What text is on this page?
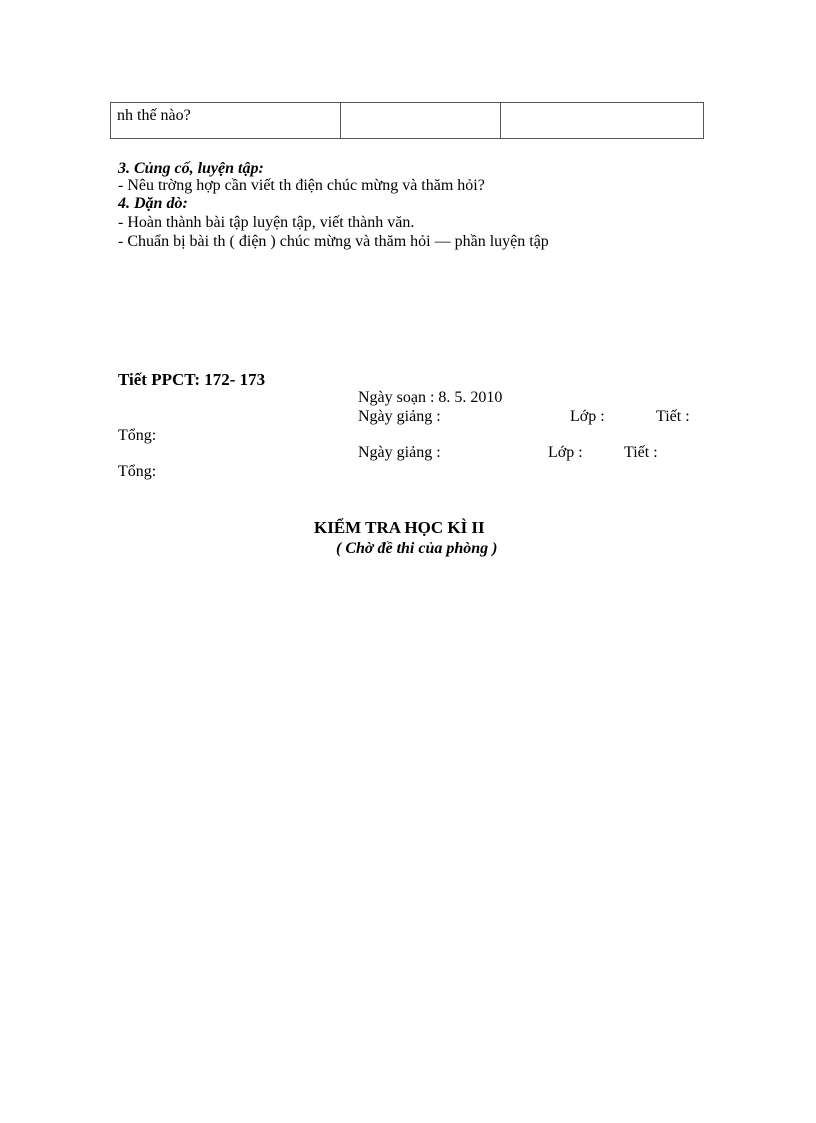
nh thế nào?
3. Củng cố, luyện tập:
- Nêu trờng hợp cần viết th điện chúc mừng và thăm hỏi?
4. Dặn dò:
- Hoàn thành bài tập luyện tập, viết thành văn.
- Chuẩn bị bài th ( điện ) chúc mừng và thăm hỏi — phần luyện tập
Tiết PPCT: 172- 173
Ngày soạn : 8. 5. 2010
Ngày giảng :	Lớp :	Tiết :
Tổng:
Ngày giảng :	Lớp :	Tiết :
Tổng:
KIỂM TRA HỌC KÌ II
( Chờ đề thi của phòng )
